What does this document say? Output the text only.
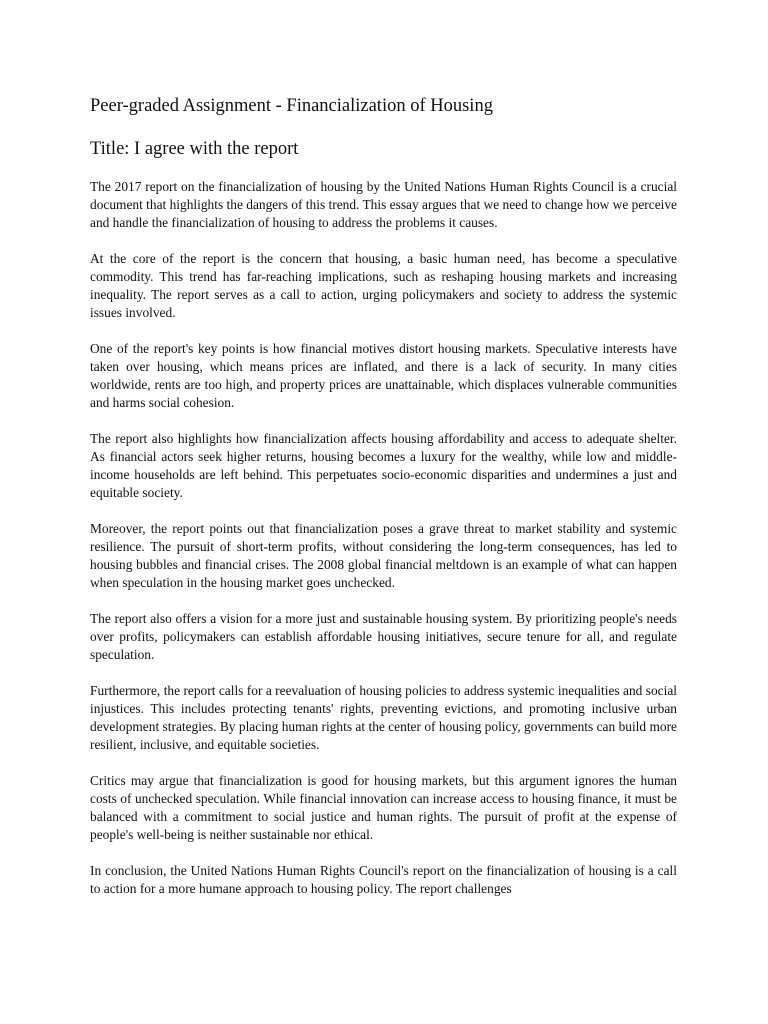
Peer-graded Assignment - Financialization of Housing
Title: I agree with the report

The 2017 report on the financialization of housing by the United Nations Human Rights Council is a crucial document that highlights the dangers of this trend. This essay argues that we need to change how we perceive and handle the financialization of housing to address the problems it causes.

At the core of the report is the concern that housing, a basic human need, has become a speculative commodity. This trend has far-reaching implications, such as reshaping housing markets and increasing inequality. The report serves as a call to action, urging policymakers and society to address the systemic issues involved.

One of the report's key points is how financial motives distort housing markets. Speculative interests have taken over housing, which means prices are inflated, and there is a lack of security. In many cities worldwide, rents are too high, and property prices are unattainable, which displaces vulnerable communities and harms social cohesion.

The report also highlights how financialization affects housing affordability and access to adequate shelter. As financial actors seek higher returns, housing becomes a luxury for the wealthy, while low and middle-income households are left behind. This perpetuates socio-economic disparities and undermines a just and equitable society.

Moreover, the report points out that financialization poses a grave threat to market stability and systemic resilience. The pursuit of short-term profits, without considering the long-term consequences, has led to housing bubbles and financial crises. The 2008 global financial meltdown is an example of what can happen when speculation in the housing market goes unchecked.

The report also offers a vision for a more just and sustainable housing system. By prioritizing people's needs over profits, policymakers can establish affordable housing initiatives, secure tenure for all, and regulate speculation.

Furthermore, the report calls for a reevaluation of housing policies to address systemic inequalities and social injustices. This includes protecting tenants' rights, preventing evictions, and promoting inclusive urban development strategies. By placing human rights at the center of housing policy, governments can build more resilient, inclusive, and equitable societies.

Critics may argue that financialization is good for housing markets, but this argument ignores the human costs of unchecked speculation. While financial innovation can increase access to housing finance, it must be balanced with a commitment to social justice and human rights. The pursuit of profit at the expense of people's well-being is neither sustainable nor ethical.

In conclusion, the United Nations Human Rights Council's report on the financialization of housing is a call to action for a more humane approach to housing policy. The report challenges
